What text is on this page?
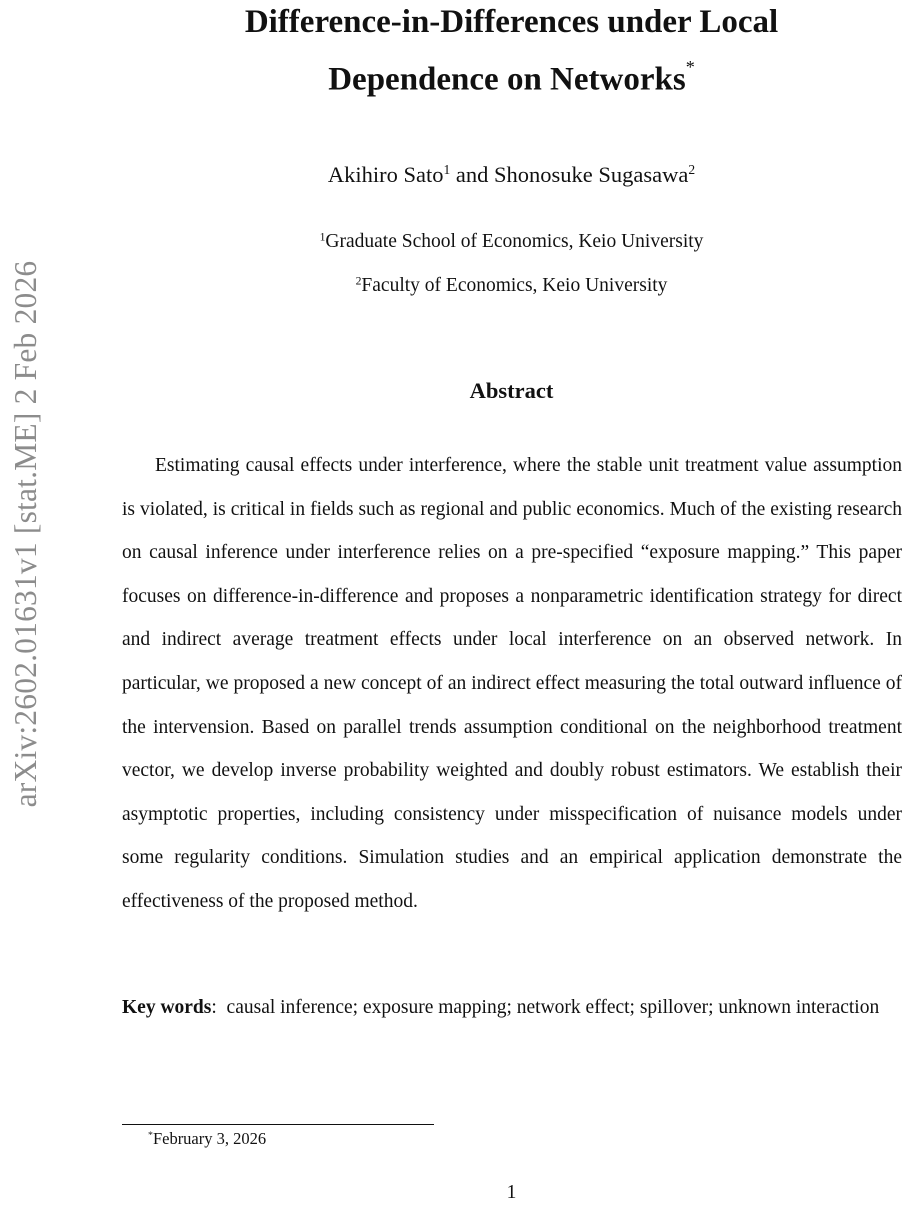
arXiv:2602.01631v1 [stat.ME] 2 Feb 2026
Difference-in-Differences under Local
Dependence on Networks*
Akihiro Sato$^1$ and Shonosuke Sugasawa$^2$
$^1$Graduate School of Economics, Keio University
$^2$Faculty of Economics, Keio University
Abstract

Estimating causal effects under interference, where the stable unit treatment value assumption is violated, is critical in fields such as regional and public economics. Much of the existing research on causal inference under interference relies on a pre-specified “exposure mapping.” This paper focuses on difference-in-difference and proposes a nonparametric identification strategy for direct and indirect average treatment effects under local interference on an observed network. In particular, we proposed a new concept of an indirect effect measuring the total outward influence of the intervension. Based on parallel trends assumption conditional on the neighborhood treatment vector, we develop inverse probability weighted and doubly robust estimators. We establish their asymptotic properties, including consistency under misspecification of nuisance models under some regularity conditions. Simulation studies and an empirical application demonstrate the effectiveness of the proposed method.

Key words:  causal inference; exposure mapping; network effect; spillover; unknown interaction

*February 3, 2026
1
